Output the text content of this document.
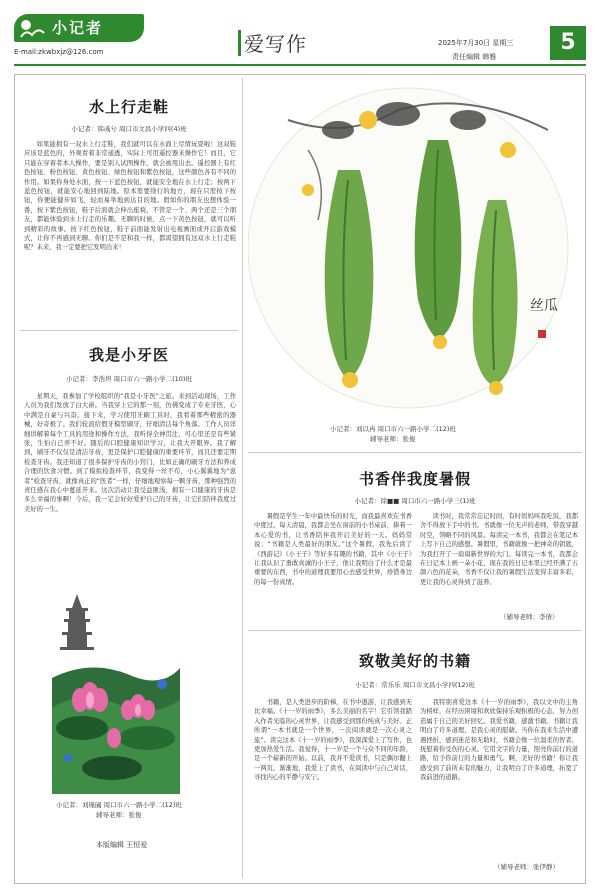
小记者
E-mail:zkwbxjz@126.com	爱写作	2025年7月30日 星期三
责任编辑 韩雅
5
水上行走鞋
小记者：韩彧兮 周口市文昌小学四(4)班
如果能拥有一双水上行走鞋，我们就可以在水面上尽情玩耍啦！这双鞋应该是蓝色的，外观看着非常通透，实际上可用遥控器来操作它！而且，它只能在穿着者本人操作，要是别人试图操作，就会被甩出去。遥控器上有红色按钮、粉色按钮、黄色按钮、绿色按钮和紫色按钮，这些颜色各有不同的作用。如果你身处水面，按一下蓝色按钮，就能安全地在水上行走；按两下蓝色按钮，就能安心地回到陆地。原本需要绕行的地方，现在只需按下按钮，你便能健步如飞，轻而易举地到达目的地。假如你的朋友也想体验一番，按下紫色按钮，鞋子后面就会伸出座椅，不管是一个、两个还是三个朋友，都能体验到水上行走的乐趣。无聊的时候，点一下黄色按钮，就可以听到精彩的故事。按下红色按钮，鞋子前面能发射出电视画面或开启游戏模式，让你不再感到无聊。你们是不是和我一样，都渴望拥有这双水上行走鞋呢？未来，我一定要把它发明出来！
我是小牙医
小记者：李浩坦 周口市六一路小学二(10)班
星期天，我参加了学校组织的“我是小牙医”之旅。来到活动现场，工作人员为我们发放了白大褂。当我穿上它的那一刻，仿佛变成了专业牙医，心中满是自豪与兴奋。接下来，学习使用牙刷工具时，我看着那些精密的器械，好奇极了。我们轮流给假牙模型刷牙，仔细清洁每个角落。工作人员详细讲解着每个工具的用途和操作方法，我听得全神贯注，可心里还是有些紧张，生怕自己弄不好。随后的口腔健康知识学习，让我大开眼界。我了解到，刷牙不仅仅是清洁牙齿，更是保护口腔健康的重要环节，而且还要定期检查牙齿。我还知道了很多保护牙齿的小窍门，比如正确的刷牙方法和养成合理的饮食习惯。到了模拟检查环节，我变得一丝不苟，小心翼翼地为“患者”检查牙齿，就像真正的“医者”一样，仔细地观察每一颗牙齿，那种强烈的责任感在我心中蔓延开来。这次活动让我受益匪浅，拥有一口健康的牙齿是多么幸福的事啊！今后，我一定会好好爱护自己的牙齿，让它们陪伴我度过美好的一生。
小记者：刘瑾阖 周口市六一路小学二(12)班
辅导老师：张俊
本版编辑 王恒爱
丝瓜
小记者：刘以冉 周口市六一路小学二(12)班
辅导老师：张俊
书香伴我度暑假
小记者：徐■■ 周口市六一路小学三(1)班
暑假是学生一年中最快乐的时光，而我最喜欢在书香中度过。每天清晨，我都会坐在窗前的小书桌前，捧着一本心爱的书，让书香陪伴我开启美好的一天。妈妈常说：“书籍是人类最好的朋友。”这个暑假，我先后读了《西游记》《小王子》等好多有趣的书籍，其中《小王子》让我认识了勇敢真诚的小王子，他让我明白了什么才是最重要的东西，书中的道理我要用心去感受世界，珍惜身边的每一份真情。
读书时，我常常忘记时间，有时妈妈叫我吃饭，我都舍不得放下手中的书。书就像一位无声的老师，带我穿越时空，领略不同的风景。每读完一本书，我都会在笔记本上写下自己的感想。暑假里，书籍就像一把神奇的钥匙，为我打开了一扇扇新世界的大门。每读完一本书，我都会在日记本上画一朵小花，现在我的日记本里已经开满了五颜六色的花朵，书香不仅让我的暑假生活变得丰富多彩，更让我的心灵得到了滋养。
（辅导老师：李倩）
致敬美好的书籍
小记者：常乐乐 周口市文昌小学四(12)班
书籍，是人类进步的阶梯，在书中遨游，让我感到无比幸福。《十一岁的雨季》，多么美丽的名字！它引领我踏入作者光临的心灵世界，让我感受到那份纯真与美好。正所谓“一本书就是一个世界，一次阅读就是一次心灵之旅”。读完这本《十一岁的雨季》，我深深爱上了写作，也更加热爱生活。我觉得，十一岁是一个与众不同的年龄，是一个崭新的开始。以前，我并不爱读书，只是偶尔翻上一两页。渐渐地，我爱上了读书，在阅读中与自己对话，寻找内心的平静与安宁。
我特别喜爱这本《十一岁的雨季》，我以文中的主角为榜样，在经历困境和欢欣保持乐观积极的心态，努力创造属于自己的美好回忆。我爱书籍，感激书籍。书籍让我明白了许多道理，是我心灵的慰藉。当你在我来生活中遭遇挫折，感到迷茫和无助时，书籍会像一位温柔的智者，抚慰着你受伤的心灵。它用文字的力量，照亮你前行的道路，给予你前行的力量和勇气。啊，美好的书籍！你让我感受到了前所未有的魅力，让我明白了许多道理，拓宽了我前进的道路。
（辅导老师：张伊静）
